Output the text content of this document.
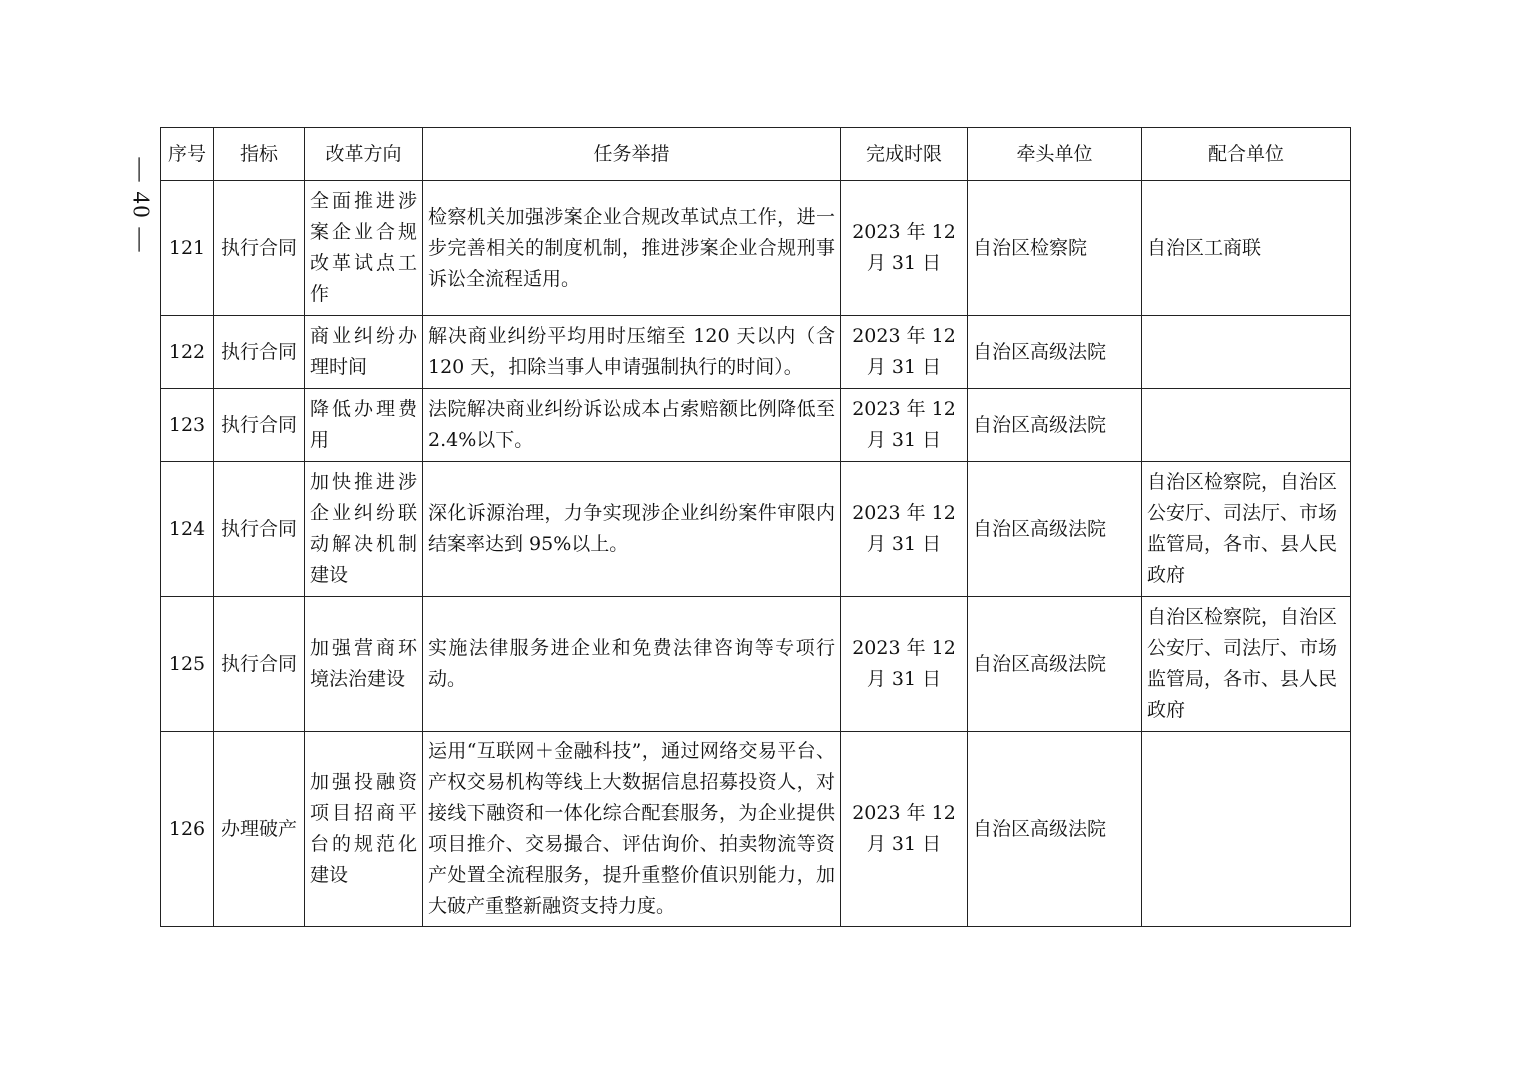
— 40 —
序号	指标	改革方向	任务举措	完成时限	牵头单位	配合单位
121	执行合同	全面推进涉案企业合规改革试点工作	检察机关加强涉案企业合规改革试点工作，进一步完善相关的制度机制，推进涉案企业合规刑事诉讼全流程适用。	2023 年 12 月 31 日	自治区检察院	自治区工商联
122	执行合同	商业纠纷办理时间	解决商业纠纷平均用时压缩至 120 天以内（含 120 天，扣除当事人申请强制执行的时间）。	2023 年 12 月 31 日	自治区高级法院	
123	执行合同	降低办理费用	法院解决商业纠纷诉讼成本占索赔额比例降低至 2.4%以下。	2023 年 12 月 31 日	自治区高级法院	
124	执行合同	加快推进涉企业纠纷联动解决机制建设	深化诉源治理，力争实现涉企业纠纷案件审限内结案率达到 95%以上。	2023 年 12 月 31 日	自治区高级法院	自治区检察院，自治区公安厅、司法厅、市场监管局，各市、县人民政府
125	执行合同	加强营商环境法治建设	实施法律服务进企业和免费法律咨询等专项行动。	2023 年 12 月 31 日	自治区高级法院	自治区检察院，自治区公安厅、司法厅、市场监管局，各市、县人民政府
126	办理破产	加强投融资项目招商平台的规范化建设	运用“互联网＋金融科技”，通过网络交易平台、产权交易机构等线上大数据信息招募投资人，对接线下融资和一体化综合配套服务，为企业提供项目推介、交易撮合、评估询价、拍卖物流等资产处置全流程服务，提升重整价值识别能力，加大破产重整新融资支持力度。	2023 年 12 月 31 日	自治区高级法院	
